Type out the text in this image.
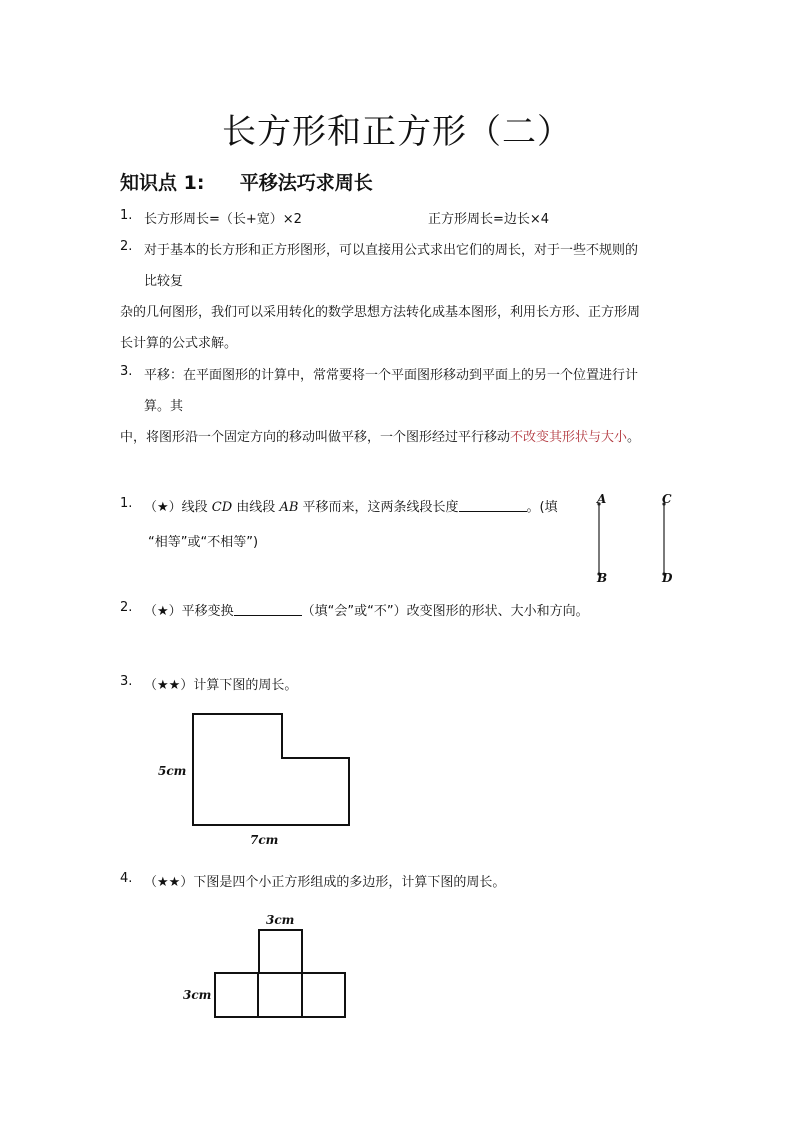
长方形和正方形（二）
知识点 1: 平移法巧求周长
1. 长方形周长=（长+宽）×2	正方形周长=边长×4
2. 对于基本的长方形和正方形图形，可以直接用公式求出它们的周长，对于一些不规则的
比较复
杂的几何图形，我们可以采用转化的数学思想方法转化成基本图形，利用长方形、正方形周
长计算的公式求解。
3. 平移：在平面图形的计算中，常常要将一个平面图形移动到平面上的另一个位置进行计
算。其
中，将图形沿一个固定方向的移动叫做平移，一个图形经过平行移动不改变其形状与大小。
1. （★）线段 CD 由线段 AB 平移而来，这两条线段长度	。(填
“相等”或“不相等”)
A
B
C
D
2. （★）平移变换	（填“会”或“不”）改变图形的形状、大小和方向。
3. （★★）计算下图的周长。
5cm
7cm
4. （★★）下图是四个小正方形组成的多边形，计算下图的周长。
3cm
3cm
